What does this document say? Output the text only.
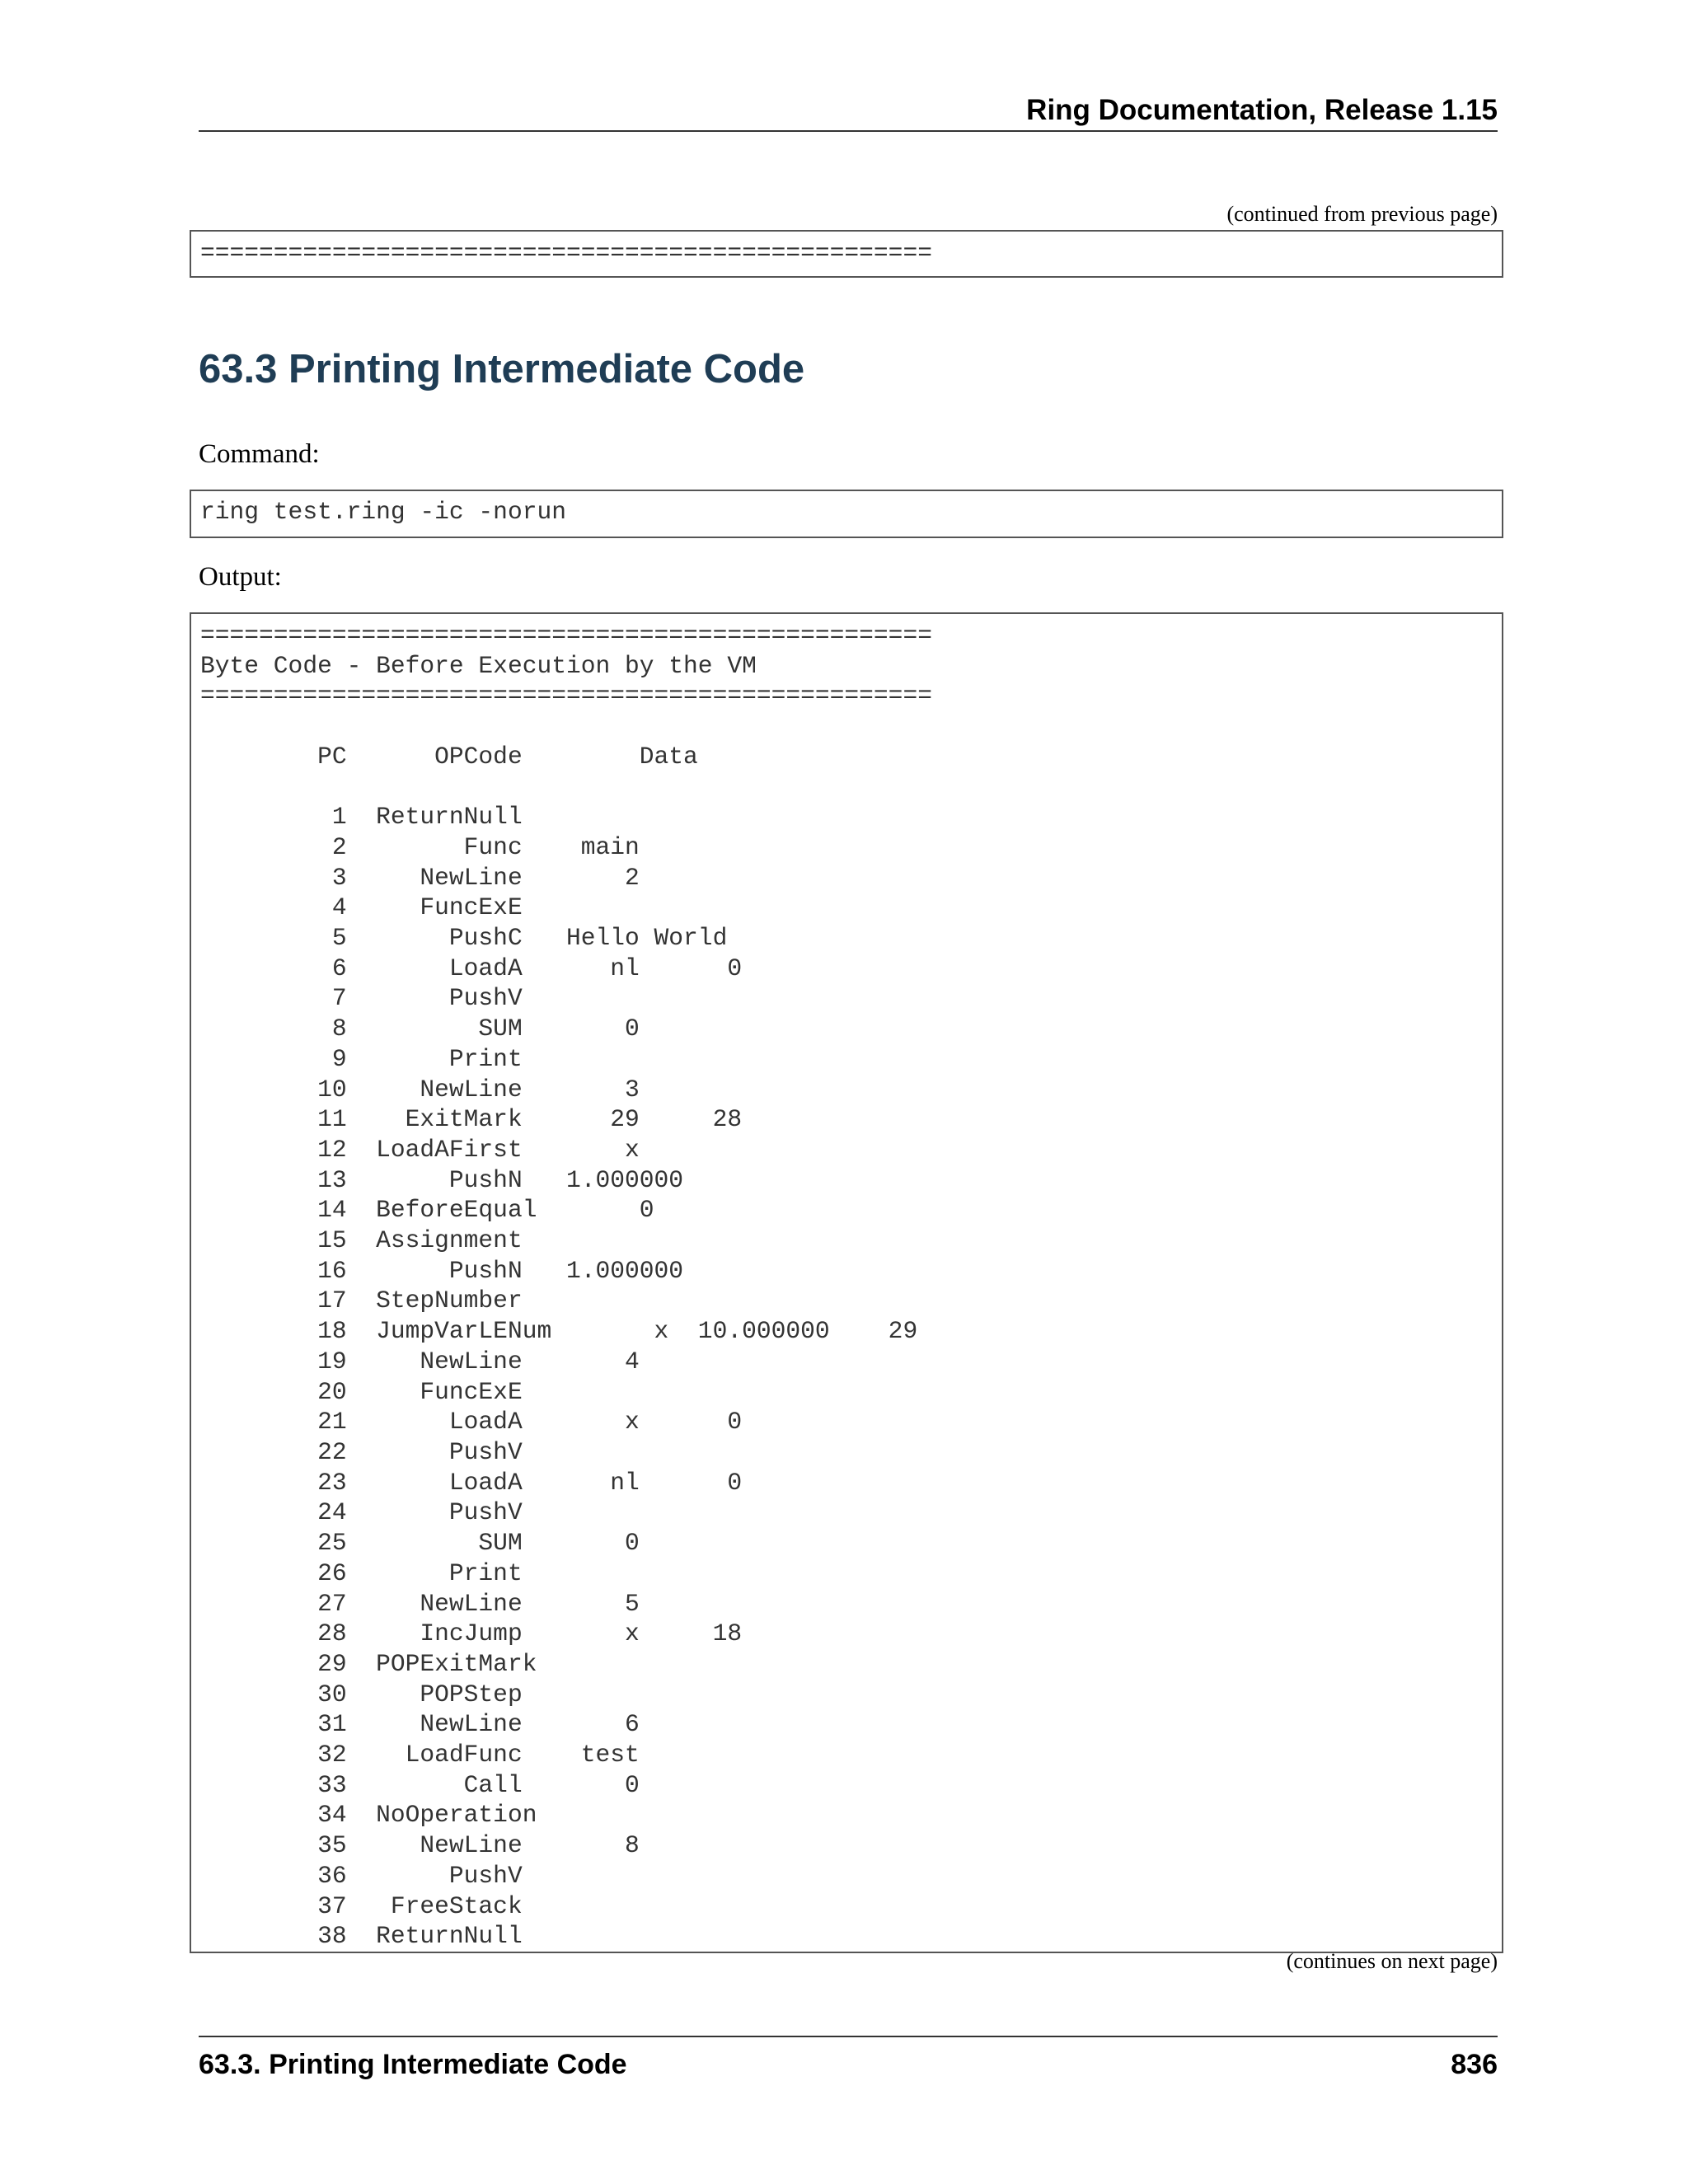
Ring Documentation, Release 1.15
(continued from previous page)
==================================================
63.3 Printing Intermediate Code

Command:

ring test.ring -ic -norun

Output:

==================================================
Byte Code - Before Execution by the VM
==================================================

PC      OPCode        Data

1  ReturnNull
2        Func    main
3     NewLine       2
4     FuncExE
5       PushC   Hello World
6       LoadA      nl      0
7       PushV
8         SUM       0
9       Print
10     NewLine       3
11    ExitMark      29     28
12  LoadAFirst       x
13       PushN   1.000000
14  BeforeEqual       0
15  Assignment
16       PushN   1.000000
17  StepNumber
18  JumpVarLENum       x  10.000000    29
19     NewLine       4
20     FuncExE
21       LoadA       x      0
22       PushV
23       LoadA      nl      0
24       PushV
25         SUM       0
26       Print
27     NewLine       5
28     IncJump       x     18
29  POPExitMark
30     POPStep
31     NewLine       6
32    LoadFunc    test
33        Call       0
34  NoOperation
35     NewLine       8
36       PushV
37   FreeStack
38  ReturnNull
(continues on next page)
63.3. Printing Intermediate Code	836
